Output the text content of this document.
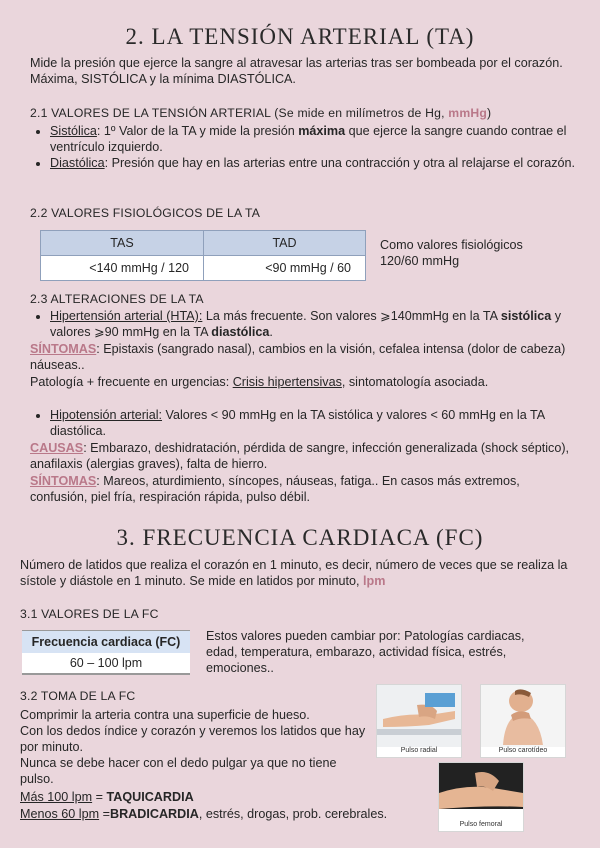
2. LA TENSIÓN ARTERIAL (TA)
Mide la presión que ejerce la sangre al atravesar las arterias tras ser bombeada por el corazón. Máxima, SISTÓLICA y la mínima DIASTÓLICA.
2.1 VALORES DE LA TENSIÓN ARTERIAL (Se mide en milímetros de Hg, mmHg)
• Sistólica: 1º Valor de la TA y mide la presión máxima que ejerce la sangre cuando contrae el ventrículo izquierdo.
• Diastólica: Presión que hay en las arterias entre una contracción y otra al relajarse el corazón.
2.2 VALORES FISIOLÓGICOS DE LA TA
TAS	TAD
<140 mmHg / 120	<90 mmHg / 60
Como valores fisiológicos 120/60 mmHg
2.3 ALTERACIONES DE LA TA
• Hipertensión arterial (HTA): La más frecuente. Son valores ⩾140mmHg en la TA sistólica y valores ⩾90 mmHg en la TA diastólica.
SÍNTOMAS: Epistaxis (sangrado nasal), cambios en la visión, cefalea intensa (dolor de cabeza) náuseas..
Patología + frecuente en urgencias: Crisis hipertensivas, sintomatología asociada.
• Hipotensión arterial: Valores < 90 mmHg en la TA sistólica y valores < 60 mmHg en la TA diastólica.
CAUSAS: Embarazo, deshidratación, pérdida de sangre, infección generalizada (shock séptico), anafilaxis (alergias graves), falta de hierro.
SÍNTOMAS: Mareos, aturdimiento, síncopes, náuseas, fatiga.. En casos más extremos, confusión, piel fría, respiración rápida, pulso débil.
3. FRECUENCIA CARDIACA (FC)
Número de latidos que realiza el corazón en 1 minuto, es decir, número de veces que se realiza la sístole y diástole en 1 minuto. Se mide en latidos por minuto, lpm
3.1 VALORES DE LA FC
Frecuencia cardiaca (FC)
60 – 100 lpm
Estos valores pueden cambiar por: Patologías cardiacas, edad, temperatura, embarazo, actividad física, estrés, emociones..
3.2 TOMA DE LA FC
Comprimir la arteria contra una superficie de hueso.
Con los dedos índice y corazón y veremos los latidos que hay por minuto.
Nunca se debe hacer con el dedo pulgar ya que no tiene pulso.
Más 100 lpm = TAQUICARDIA
Menos 60 lpm =BRADICARDIA, estrés, drogas, prob. cerebrales.
Pulso radial	Pulso carotídeo
Pulso femoral
